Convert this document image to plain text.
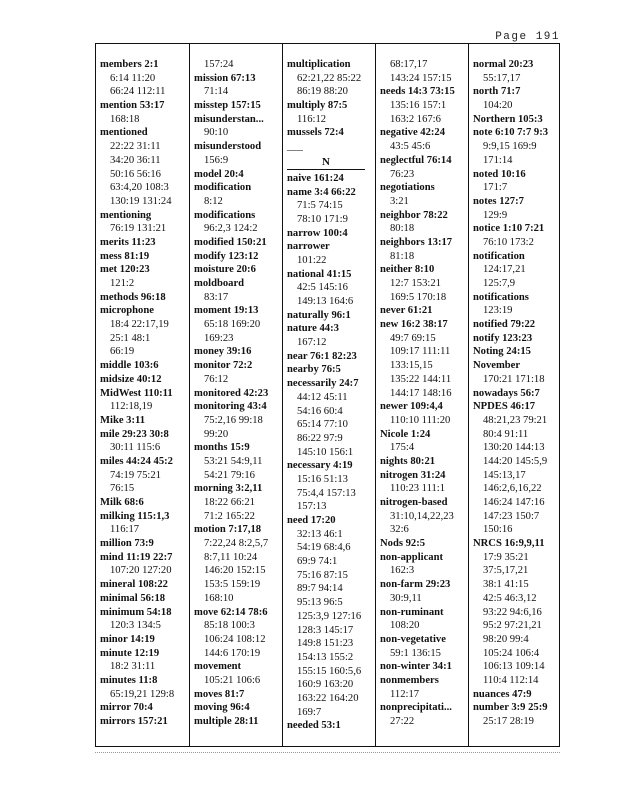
Page 191
members 2:1
6:14 11:20
66:24 112:11
mention 53:17
168:18
mentioned
22:22 31:11
34:20 36:11
50:16 56:16
63:4,20 108:3
130:19 131:24
mentioning
76:19 131:21
merits 11:23
mess 81:19
met 120:23
121:2
methods 96:18
microphone
18:4 22:17,19
25:1 48:1
66:19
middle 103:6
midsize 40:12
MidWest 110:11
112:18,19
Mike 3:11
mile 29:23 30:8
30:11 115:6
miles 44:24 45:2
74:19 75:21
76:15
Milk 68:6
milking 115:1,3
116:17
million 73:9
mind 11:19 22:7
107:20 127:20
mineral 108:22
minimal 56:18
minimum 54:18
120:3 134:5
minor 14:19
minute 12:19
18:2 31:11
minutes 11:8
65:19,21 129:8
mirror 70:4
mirrors 157:21
157:24
mission 67:13
71:14
misstep 157:15
misunderstan...
90:10
misunderstood
156:9
model 20:4
modification
8:12
modifications
96:2,3 124:2
modified 150:21
modify 123:12
moisture 20:6
moldboard
83:17
moment 19:13
65:18 169:20
169:23
money 39:16
monitor 72:2
76:12
monitored 42:23
monitoring 43:4
75:2,16 99:18
99:20
months 15:9
53:21 54:9,11
54:21 79:16
morning 3:2,11
18:22 66:21
71:2 165:22
motion 7:17,18
7:22,24 8:2,5,7
8:7,11 10:24
146:20 152:15
153:5 159:19
168:10
move 62:14 78:6
85:18 100:3
106:24 108:12
144:6 170:19
movement
105:21 106:6
moves 81:7
moving 96:4
multiple 28:11
multiplication
62:21,22 85:22
86:19 88:20
multiply 87:5
116:12
mussels 72:4
___
N
naive 161:24
name 3:4 66:22
71:5 74:15
78:10 171:9
narrow 100:4
narrower
101:22
national 41:15
42:5 145:16
149:13 164:6
naturally 96:1
nature 44:3
167:12
near 76:1 82:23
nearby 76:5
necessarily 24:7
44:12 45:11
54:16 60:4
65:14 77:10
86:22 97:9
145:10 156:1
necessary 4:19
15:16 51:13
75:4,4 157:13
157:13
need 17:20
32:13 46:1
54:19 68:4,6
69:9 74:1
75:16 87:15
89:7 94:14
95:13 96:5
125:3,9 127:16
128:3 145:17
149:8 151:23
154:13 155:2
155:15 160:5,6
160:9 163:20
163:22 164:20
169:7
needed 53:1
68:17,17
143:24 157:15
needs 14:3 73:15
135:16 157:1
163:2 167:6
negative 42:24
43:5 45:6
neglectful 76:14
76:23
negotiations
3:21
neighbor 78:22
80:18
neighbors 13:17
81:18
neither 8:10
12:7 153:21
169:5 170:18
never 61:21
new 16:2 38:17
49:7 69:15
109:17 111:11
133:15,15
135:22 144:11
144:17 148:16
newer 109:4,4
110:10 111:20
Nicole 1:24
175:4
nights 80:21
nitrogen 31:24
110:23 111:1
nitrogen-based
31:10,14,22,23
32:6
Nods 92:5
non-applicant
162:3
non-farm 29:23
30:9,11
non-ruminant
108:20
non-vegetative
59:1 136:15
non-winter 34:1
nonmembers
112:17
nonprecipitati...
27:22
normal 20:23
55:17,17
north 71:7
104:20
Northern 105:3
note 6:10 7:7 9:3
9:9,15 169:9
171:14
noted 10:16
171:7
notes 127:7
129:9
notice 1:10 7:21
76:10 173:2
notification
124:17,21
125:7,9
notifications
123:19
notified 79:22
notify 123:23
Noting 24:15
November
170:21 171:18
nowadays 56:7
NPDES 46:17
48:21,23 79:21
80:4 91:11
130:20 144:13
144:20 145:5,9
145:13,17
146:2,6,16,22
146:24 147:16
147:23 150:7
150:16
NRCS 16:9,9,11
17:9 35:21
37:5,17,21
38:1 41:15
42:5 46:3,12
93:22 94:6,16
95:2 97:21,21
98:20 99:4
105:24 106:4
106:13 109:14
110:4 112:14
nuances 47:9
number 3:9 25:9
25:17 28:19
